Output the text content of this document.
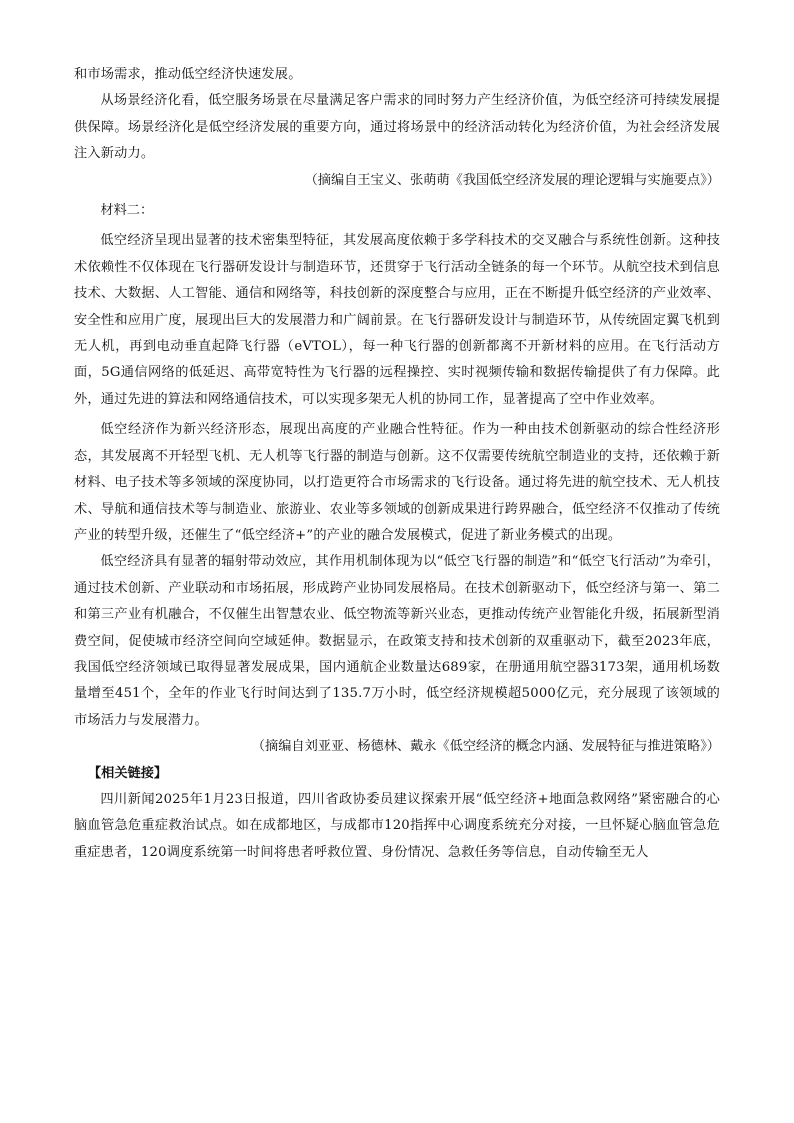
和市场需求，推动低空经济快速发展。

从场景经济化看，低空服务场景在尽量满足客户需求的同时努力产生经济价值，为低空经济可持续发展提供保障。场景经济化是低空经济发展的重要方向，通过将场景中的经济活动转化为经济价值，为社会经济发展注入新动力。

（摘编自王宝义、张萌萌《我国低空经济发展的理论逻辑与实施要点》）

材料二：

低空经济呈现出显著的技术密集型特征，其发展高度依赖于多学科技术的交叉融合与系统性创新。这种技术依赖性不仅体现在飞行器研发设计与制造环节，还贯穿于飞行活动全链条的每一个环节。从航空技术到信息技术、大数据、人工智能、通信和网络等，科技创新的深度整合与应用，正在不断提升低空经济的产业效率、安全性和应用广度，展现出巨大的发展潜力和广阔前景。在飞行器研发设计与制造环节，从传统固定翼飞机到无人机，再到电动垂直起降飞行器（eVTOL），每一种飞行器的创新都离不开新材料的应用。在飞行活动方面，5G通信网络的低延迟、高带宽特性为飞行器的远程操控、实时视频传输和数据传输提供了有力保障。此外，通过先进的算法和网络通信技术，可以实现多架无人机的协同工作，显著提高了空中作业效率。

低空经济作为新兴经济形态，展现出高度的产业融合性特征。作为一种由技术创新驱动的综合性经济形态，其发展离不开轻型飞机、无人机等飞行器的制造与创新。这不仅需要传统航空制造业的支持，还依赖于新材料、电子技术等多领域的深度协同，以打造更符合市场需求的飞行设备。通过将先进的航空技术、无人机技术、导航和通信技术等与制造业、旅游业、农业等多领域的创新成果进行跨界融合，低空经济不仅推动了传统产业的转型升级，还催生了“低空经济+”的产业的融合发展模式，促进了新业务模式的出现。

低空经济具有显著的辐射带动效应，其作用机制体现为以“低空飞行器的制造”和“低空飞行活动”为牵引，通过技术创新、产业联动和市场拓展，形成跨产业协同发展格局。在技术创新驱动下，低空经济与第一、第二和第三产业有机融合，不仅催生出智慧农业、低空物流等新兴业态，更推动传统产业智能化升级，拓展新型消费空间，促使城市经济空间向空域延伸。数据显示，在政策支持和技术创新的双重驱动下，截至2023年底，我国低空经济领域已取得显著发展成果，国内通航企业数量达689家，在册通用航空器3173架，通用机场数量增至451个，全年的作业飞行时间达到了135.7万小时，低空经济规模超5000亿元，充分展现了该领域的市场活力与发展潜力。

（摘编自刘亚亚、杨德林、戴永《低空经济的概念内涵、发展特征与推进策略》）

【相关链接】

四川新闻2025年1月23日报道，四川省政协委员建议探索开展“低空经济+地面急救网络”紧密融合的心脑血管急危重症救治试点。如在成都地区，与成都市120指挥中心调度系统充分对接，一旦怀疑心脑血管急危重症患者，120调度系统第一时间将患者呼救位置、身份情况、急救任务等信息，自动传输至无人
